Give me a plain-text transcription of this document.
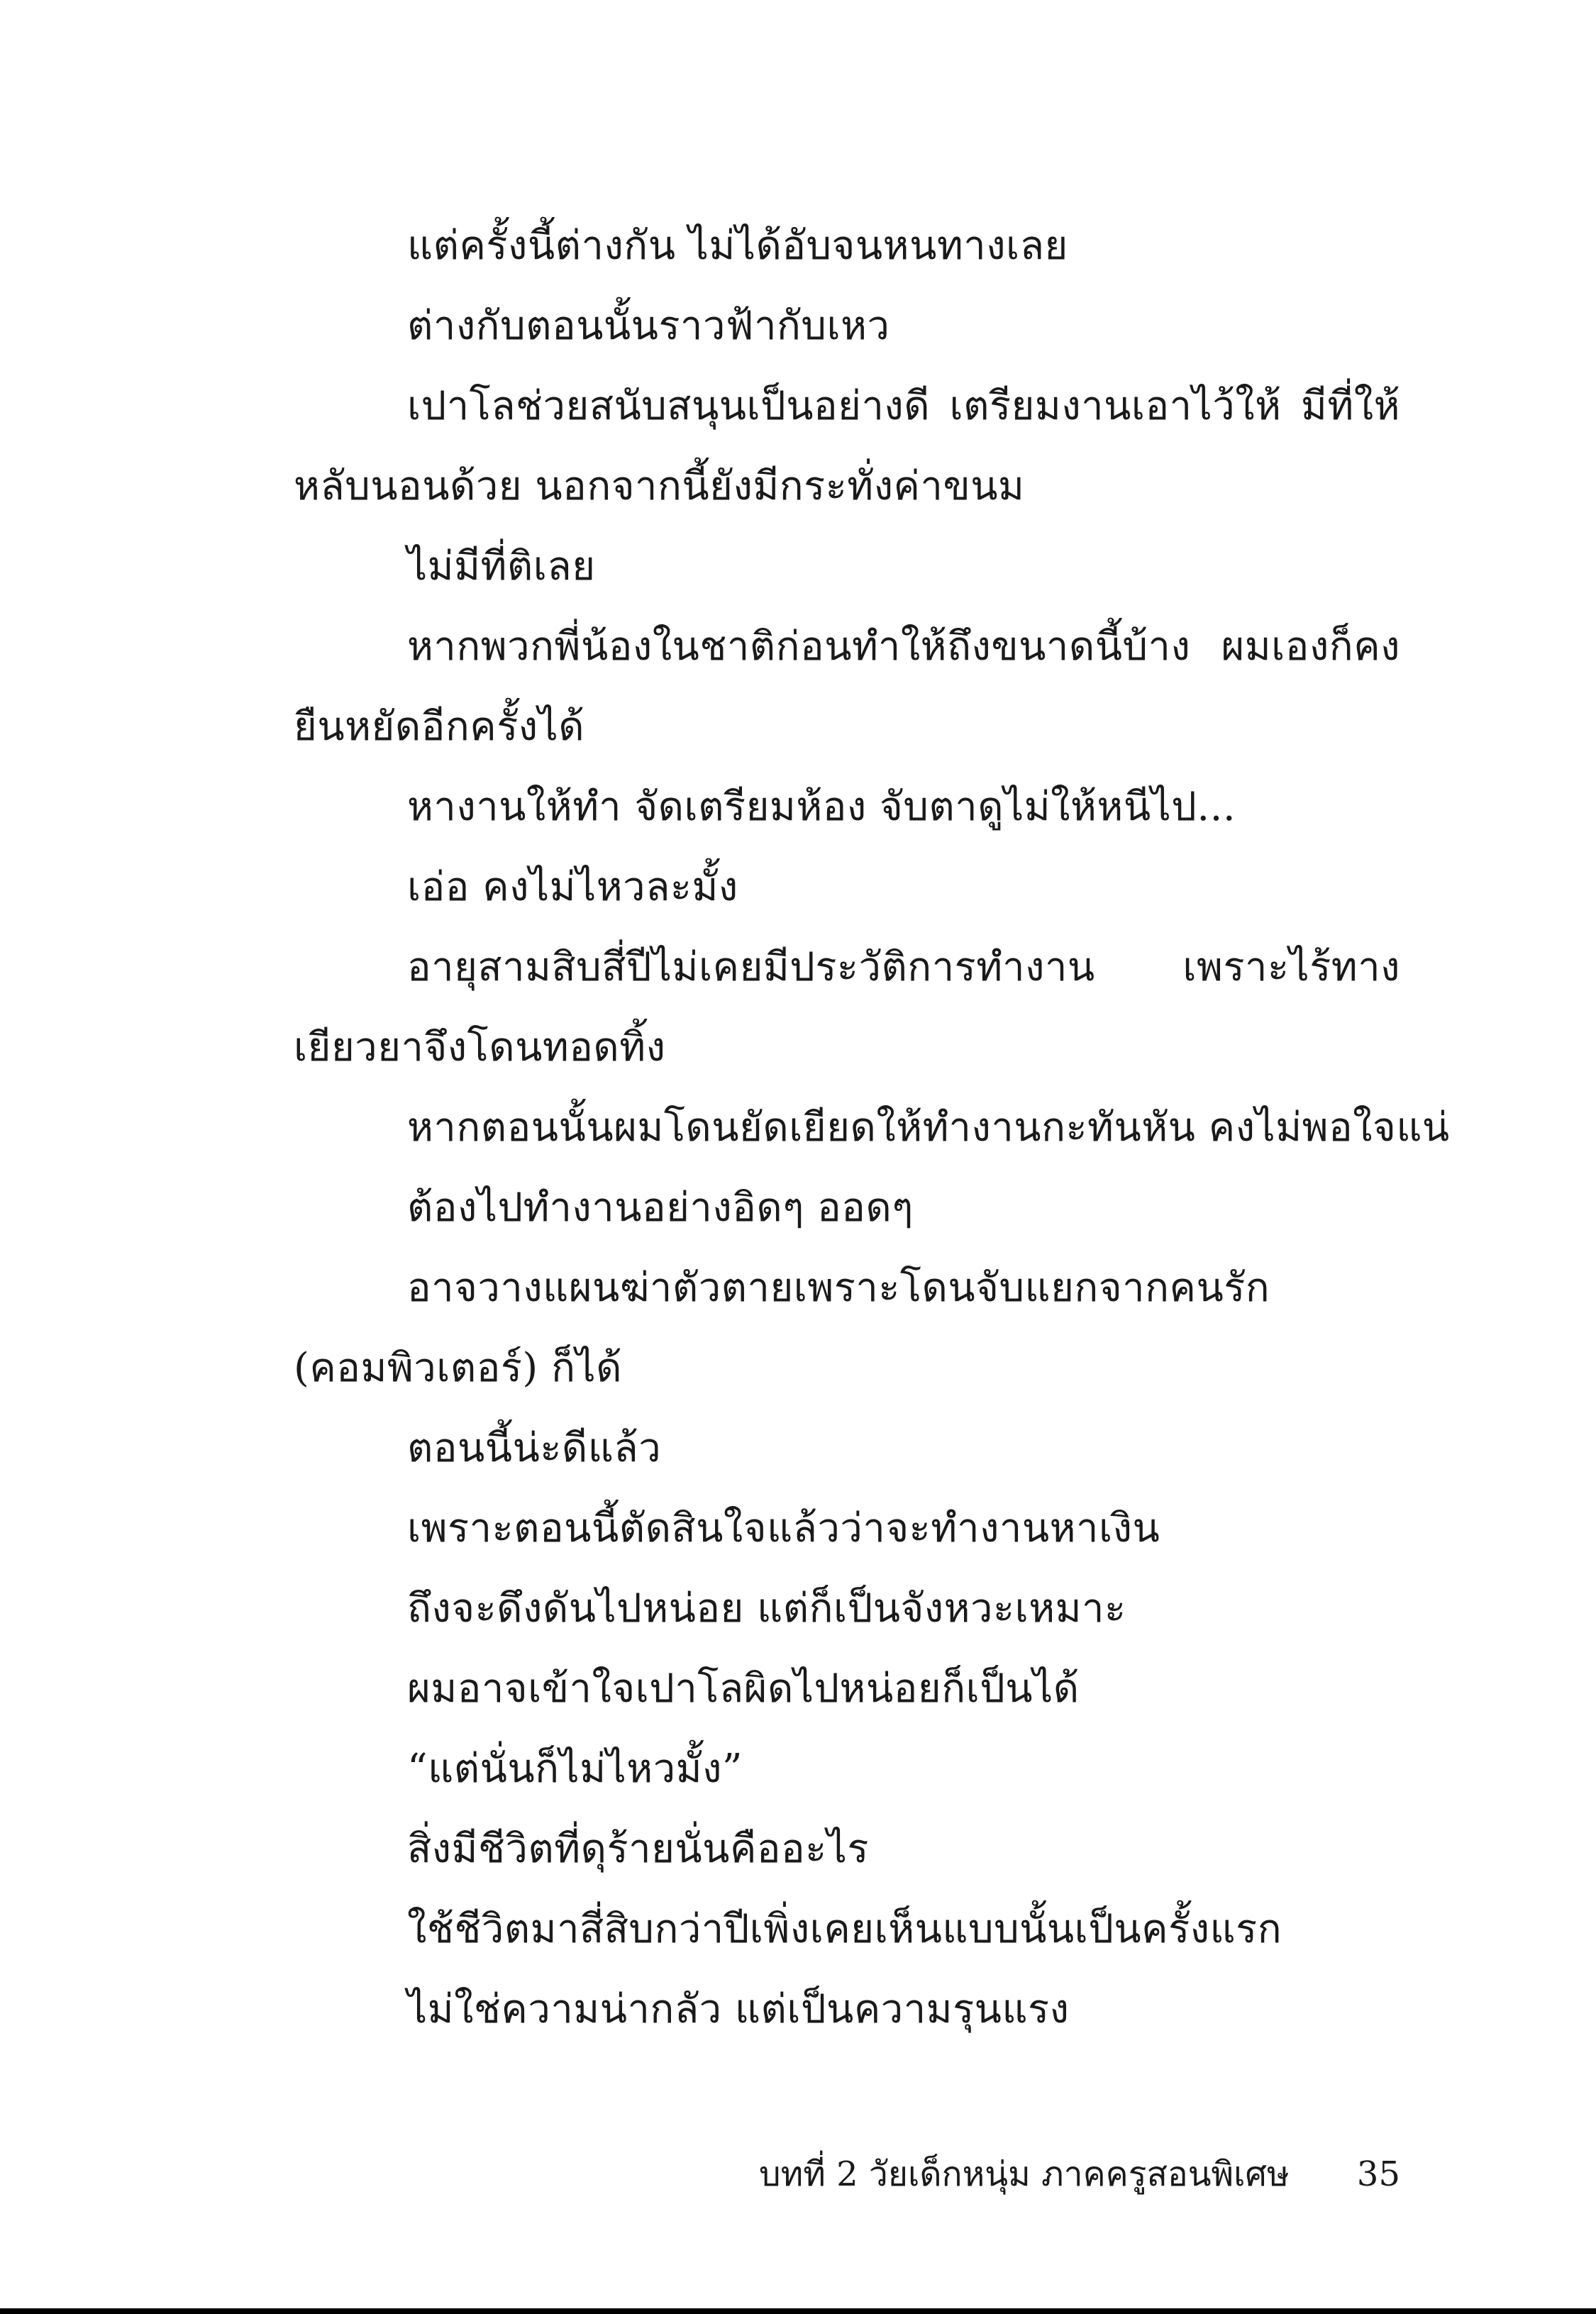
แต่ครั้งนี้ต่างกัน ไม่ได้อับจนหนทางเลย

ต่างกับตอนนั้นราวฟ้ากับเหว

เปาโลช่วยสนับสนุนเป็นอย่างดี เตรียมงานเอาไว้ให้ มีที่ให้หลับนอนด้วย นอกจากนี้ยังมีกระทั่งค่าขนม

ไม่มีที่ติเลย

หากพวกพี่น้องในชาติก่อนทำให้ถึงขนาดนี้บ้าง ผมเองก็คงยืนหยัดอีกครั้งได้

หางานให้ทำ จัดเตรียมห้อง จับตาดูไม่ให้หนีไป...

เอ่อ คงไม่ไหวละมั้ง

อายุสามสิบสี่ปีไม่เคยมีประวัติการทำงาน เพราะไร้ทางเยียวยาจึงโดนทอดทิ้ง

หากตอนนั้นผมโดนยัดเยียดให้ทำงานกะทันหัน คงไม่พอใจแน่

ต้องไปทำงานอย่างอิดๆ ออดๆ

อาจวางแผนฆ่าตัวตายเพราะโดนจับแยกจากคนรัก (คอมพิวเตอร์) ก็ได้

ตอนนี้น่ะดีแล้ว

เพราะตอนนี้ตัดสินใจแล้วว่าจะทำงานหาเงิน

ถึงจะดึงดันไปหน่อย แต่ก็เป็นจังหวะเหมาะ

ผมอาจเข้าใจเปาโลผิดไปหน่อยก็เป็นได้

“แต่นั่นก็ไม่ไหวมั้ง”

สิ่งมีชีวิตที่ดุร้ายนั่นคืออะไร

ใช้ชีวิตมาสี่สิบกว่าปีเพิ่งเคยเห็นแบบนั้นเป็นครั้งแรก

ไม่ใช่ความน่ากลัว แต่เป็นความรุนแรง

บทที่ 2 วัยเด็กหนุ่ม ภาคครูสอนพิเศษ 35
